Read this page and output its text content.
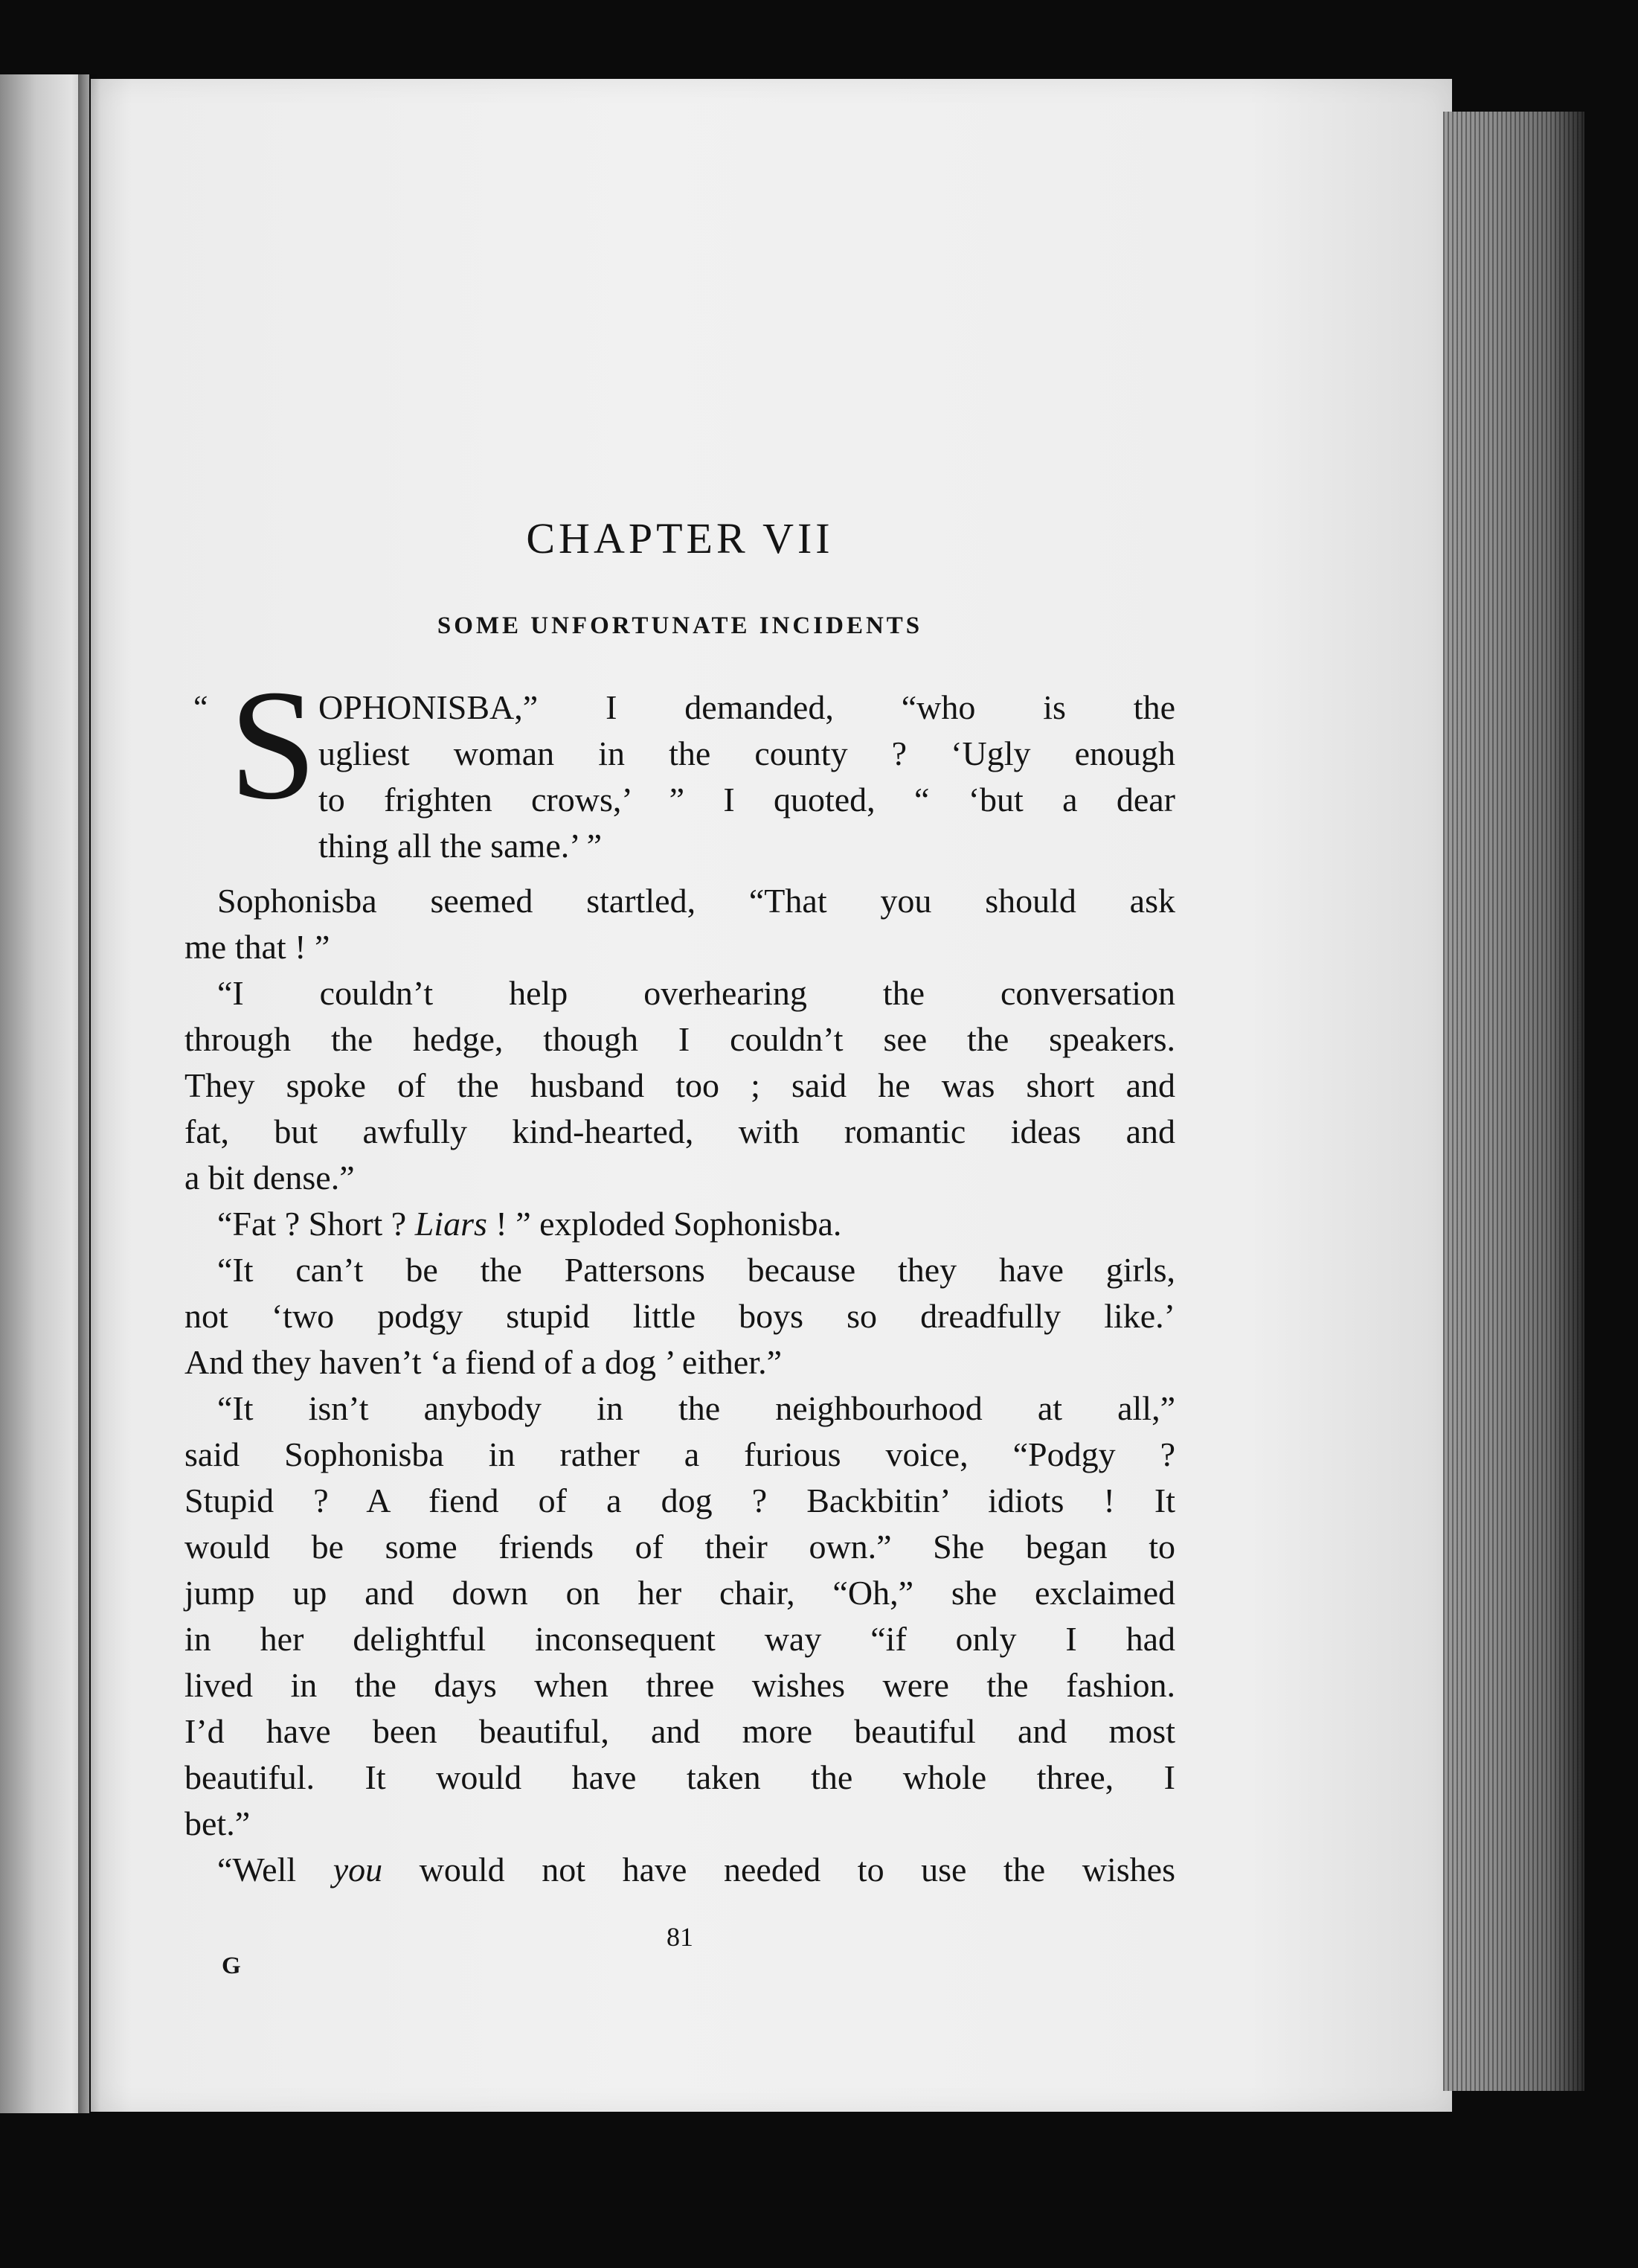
CHAPTER VII
SOME UNFORTUNATE INCIDENTS
“ S OPHONISBA,” I demanded, “who is the
ugliest woman in the county ? ‘Ugly enough
to frighten crows,’ ” I quoted, “ ‘but a dear
thing all the same.’ ”
Sophonisba seemed startled, “That you should ask
me that ! ”
“I couldn’t help overhearing the conversation
through the hedge, though I couldn’t see the speakers.
They spoke of the husband too ; said he was short and
fat, but awfully kind-hearted, with romantic ideas and
a bit dense.”
“Fat ? Short ? Liars ! ” exploded Sophonisba.
“It can’t be the Pattersons because they have girls,
not ‘two podgy stupid little boys so dreadfully like.’
And they haven’t ‘a fiend of a dog ’ either.”
“It isn’t anybody in the neighbourhood at all,”
said Sophonisba in rather a furious voice, “Podgy ?
Stupid ? A fiend of a dog ? Backbitin’ idiots ! It
would be some friends of their own.” She began to
jump up and down on her chair, “Oh,” she exclaimed
in her delightful inconsequent way “if only I had
lived in the days when three wishes were the fashion.
I’d have been beautiful, and more beautiful and most
beautiful. It would have taken the whole three, I
bet.”
“Well you would not have needed to use the wishes
81
G
